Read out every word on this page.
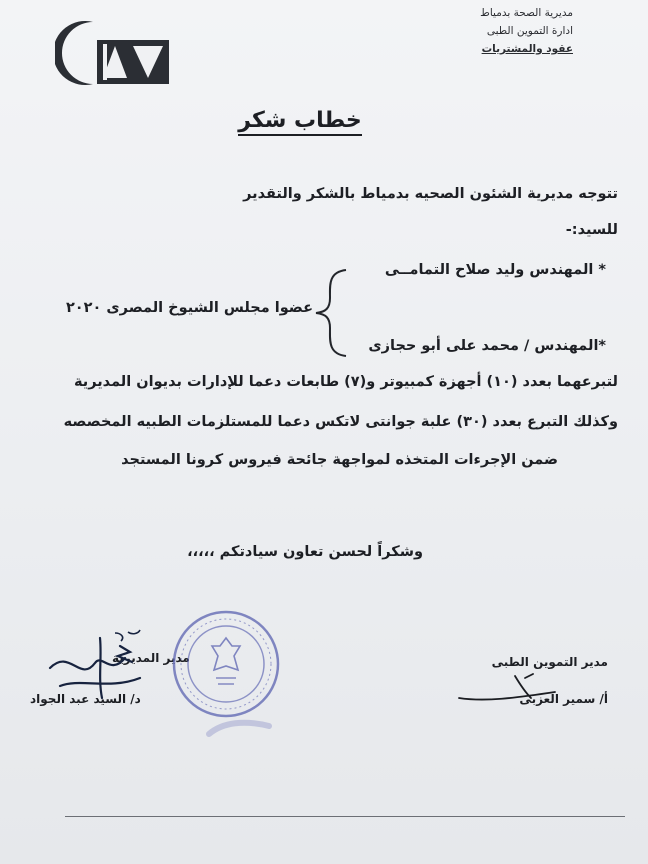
مديرية الصحة بدمياط
ادارة التموين الطبى
عقود والمشتريات
خطاب شكر
تتوجه مديرية الشئون الصحيه بدمياط بالشكر والتقدير
للسيد:-
* المهندس وليد صلاح التمامــى
*المهندس / محمد على أبو حجازى
عضوا مجلس الشيوخ المصرى ٢٠٢٠
لتبرعهما بعدد (١٠) أجهزة كمبيوتر و(٧) طابعات دعما للإدارات بديوان المديرية
وكذلك التبرع بعدد (٣٠) علبة جوانتى لاتكس دعما للمستلزمات الطبيه المخصصه
ضمن الإجرءات المتخذه لمواجهة جائحة فيروس كرونا المستجد
وشكراً لحسن تعاون سيادتكم ،،،،،
مدير المديرية
د/ السيد عبد الجواد
مدير التموين الطبى
أ/ سمير العزبى
